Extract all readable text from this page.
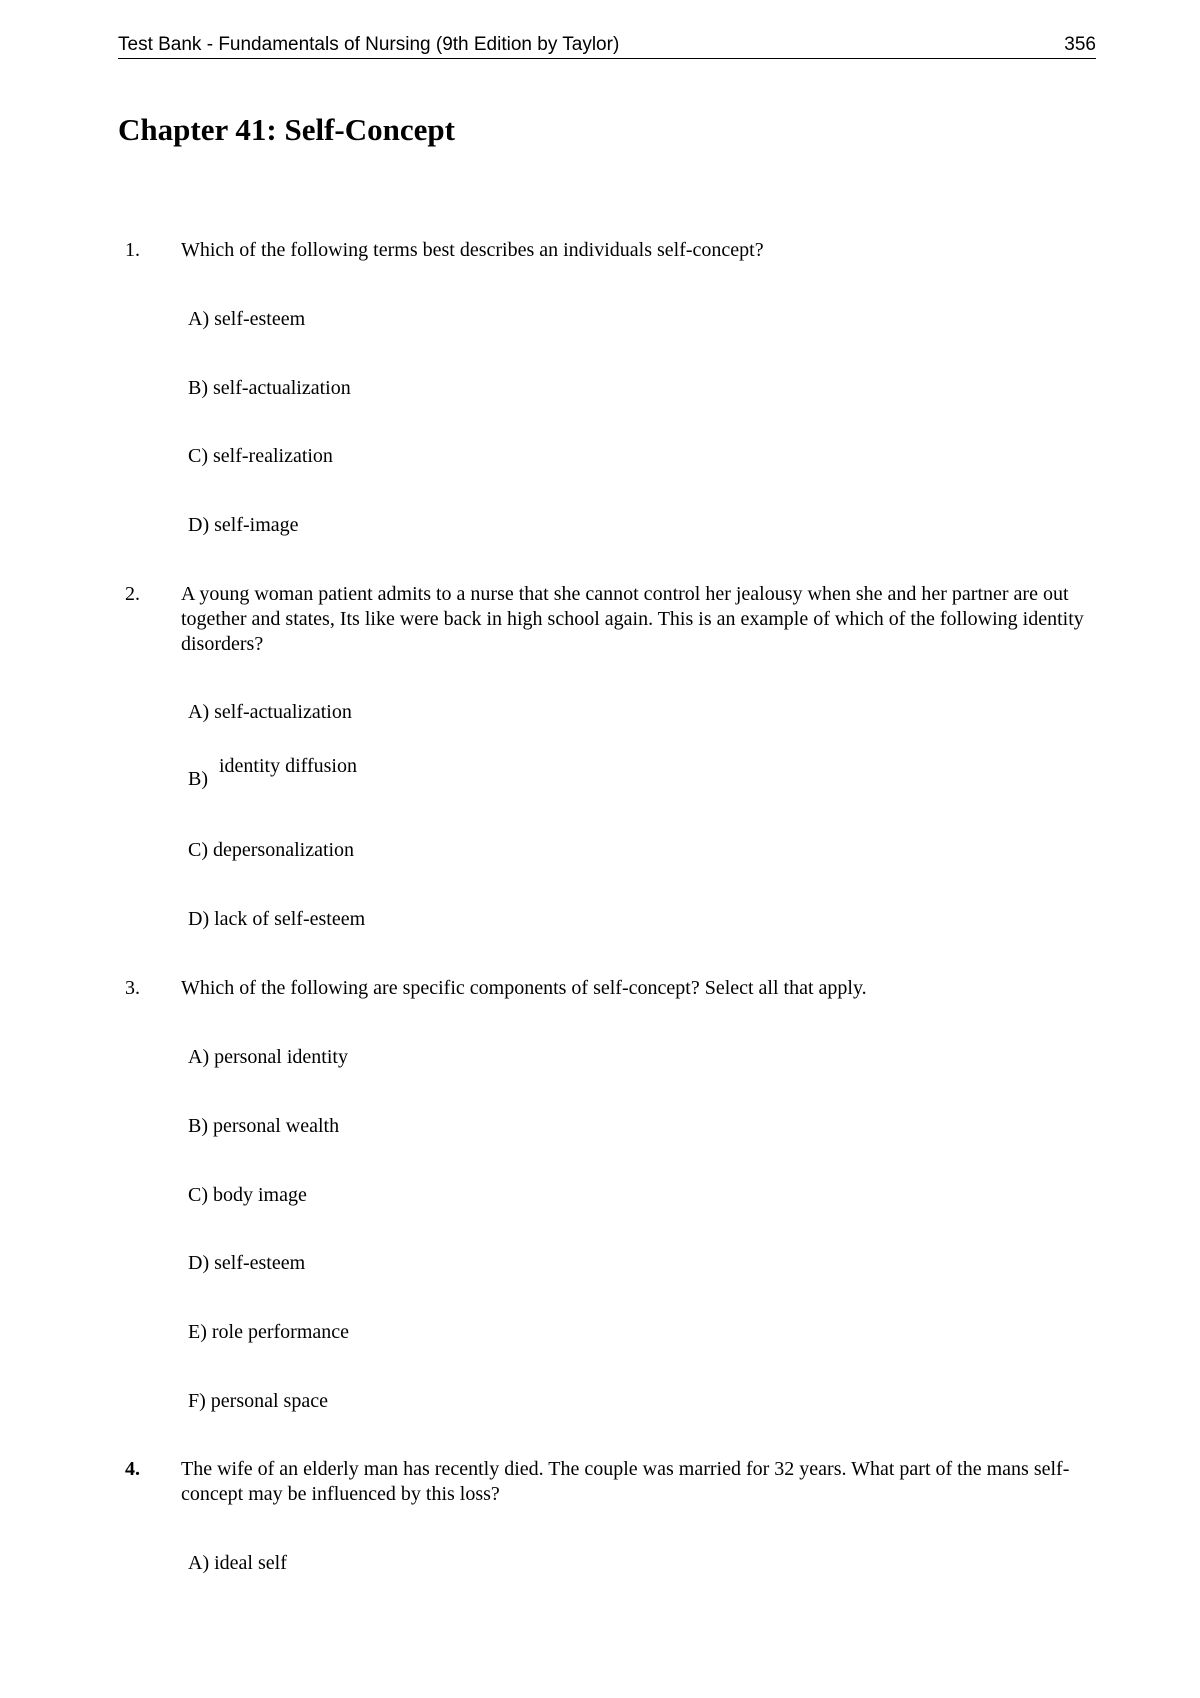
Test Bank - Fundamentals of Nursing (9th Edition by Taylor)	356
Chapter 41: Self-Concept
1. Which of the following terms best describes an individuals self-concept?
A) self-esteem
B) self-actualization
C) self-realization
D) self-image
2. A young woman patient admits to a nurse that she cannot control her jealousy when she and her partner are out together and states, Its like were back in high school again. This is an example of which of the following identity disorders?
A) self-actualization
B)
identity diffusion
C) depersonalization
D) lack of self-esteem
3. Which of the following are specific components of self-concept? Select all that apply.
A) personal identity
B) personal wealth
C) body image
D) self-esteem
E) role performance
F) personal space
4. The wife of an elderly man has recently died. The couple was married for 32 years. What part of the mans self-concept may be influenced by this loss?
A) ideal self
